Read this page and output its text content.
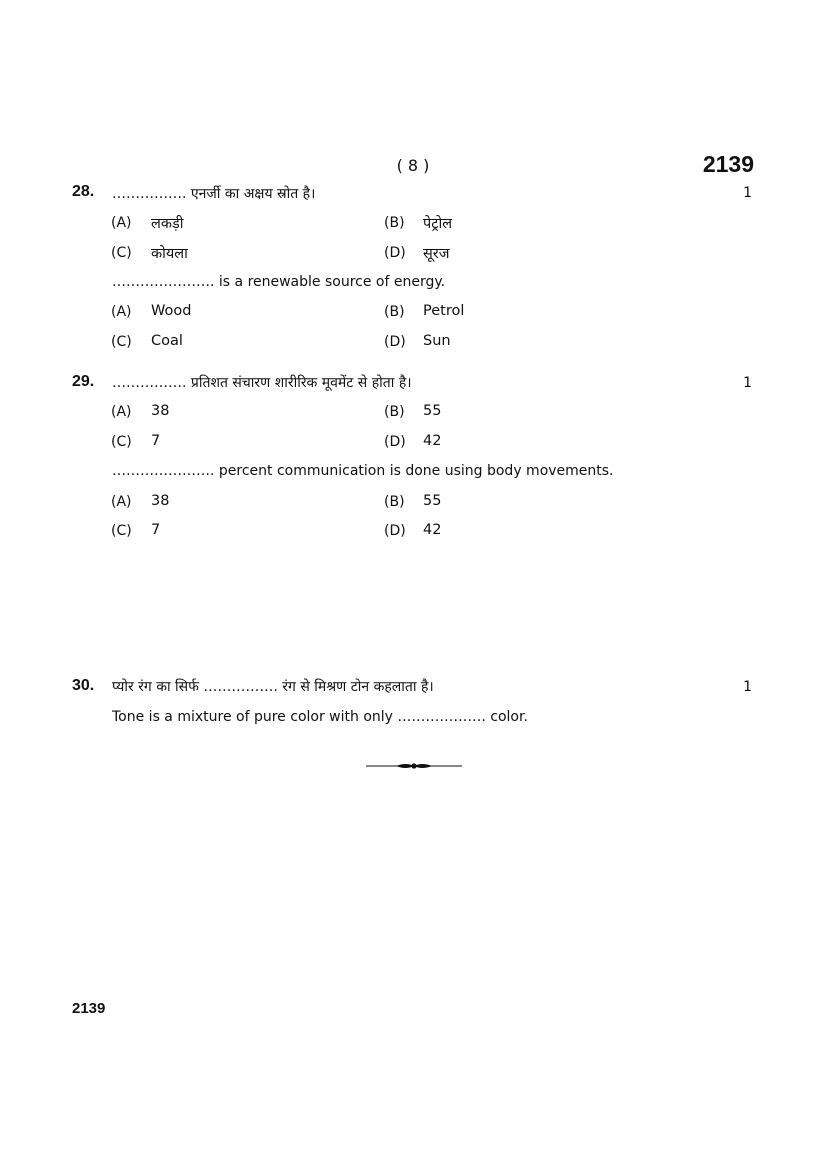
( 8 )	2139
28. ……………. एनर्जी का अक्षय स्रोत है।	1
(A) लकड़ी	(B) पेट्रोल
(C) कोयला	(D) सूरज
…………………. is a renewable source of energy.
(A) Wood	(B) Petrol
(C) Coal	(D) Sun
29. ……………. प्रतिशत संचारण शारीरिक मूवमेंट से होता है।	1
(A) 38	(B) 55
(C) 7	(D) 42
…………………. percent communication is done using body movements.
(A) 38	(B) 55
(C) 7	(D) 42
30. प्योर रंग का सिर्फ ……………. रंग से मिश्रण टोन कहलाता है।	1
Tone is a mixture of pure color with only ………………. color.
2139
